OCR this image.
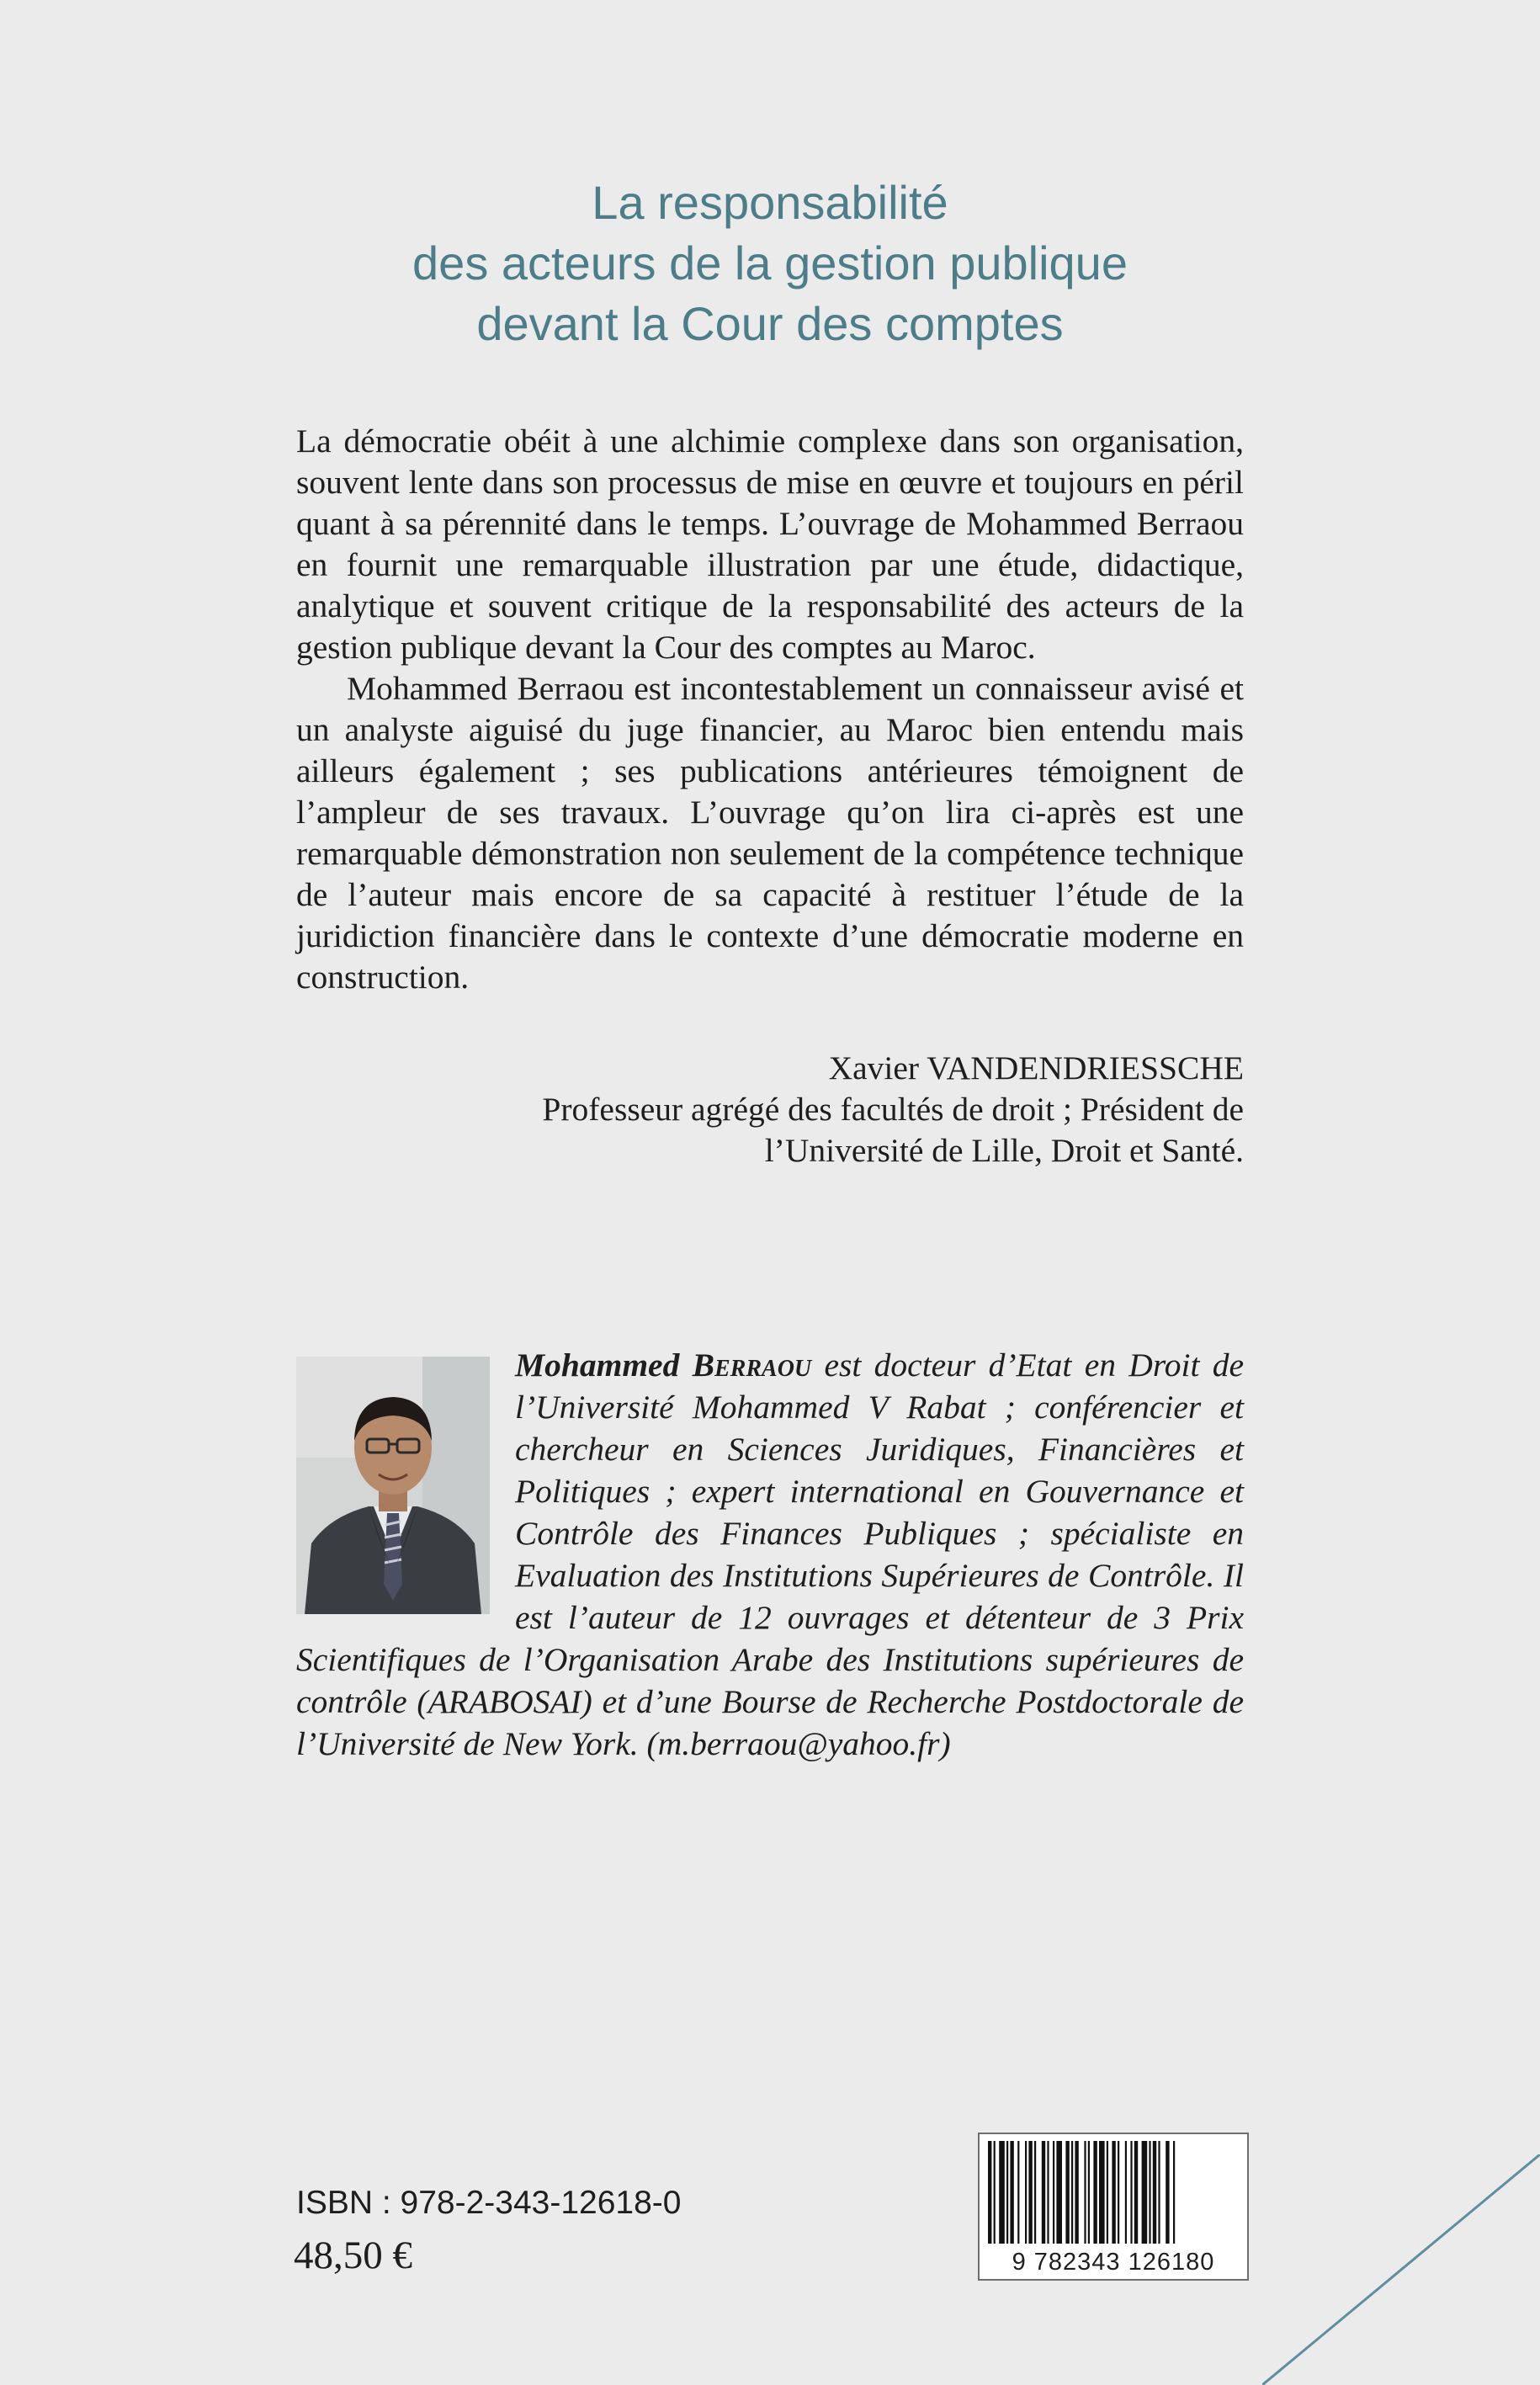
La responsabilité
des acteurs de la gestion publique
devant la Cour des comptes

La démocratie obéit à une alchimie complexe dans son organisation, souvent lente dans son processus de mise en œuvre et toujours en péril quant à sa pérennité dans le temps. L’ouvrage de Mohammed Berraou en fournit une remarquable illustration par une étude, didactique, analytique et souvent critique de la responsabilité des acteurs de la gestion publique devant la Cour des comptes au Maroc.

Mohammed Berraou est incontestablement un connaisseur avisé et un analyste aiguisé du juge financier, au Maroc bien entendu mais ailleurs également ; ses publications antérieures témoignent de l’ampleur de ses travaux. L’ouvrage qu’on lira ci-après est une remarquable démonstration non seulement de la compétence technique de l’auteur mais encore de sa capacité à restituer l’étude de la juridiction financière dans le contexte d’une démocratie moderne en construction.

Xavier VANDENDRIESSCHE
Professeur agrégé des facultés de droit ; Président de
l’Université de Lille, Droit et Santé.
Mohammed Berraou est docteur d’Etat en Droit de l’Université Mohammed V Rabat ; conférencier et chercheur en Sciences Juridiques, Financières et Politiques ; expert international en Gouvernance et Contrôle des Finances Publiques ; spécialiste en Evaluation des Institutions Supérieures de Contrôle. Il est l’auteur de 12 ouvrages et détenteur de 3 Prix Scientifiques de l’Organisation Arabe des Institutions supérieures de contrôle (ARABOSAI) et d’une Bourse de Recherche Postdoctorale de l’Université de New York. (m.berraou@yahoo.fr)
ISBN : 978-2-343-12618-0
48,50 €	9 782343 126180
